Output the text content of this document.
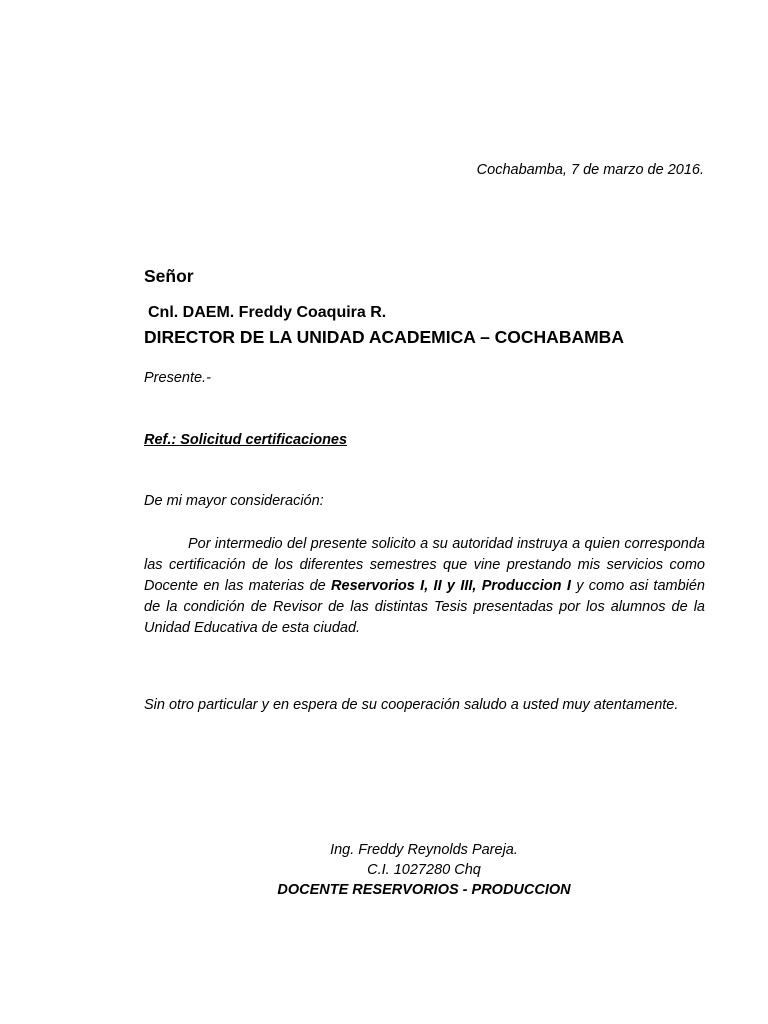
Cochabamba, 7 de marzo de 2016.

Señor

Cnl. DAEM. Freddy Coaquira R.

DIRECTOR DE LA UNIDAD ACADEMICA – COCHABAMBA

Presente.-

Ref.: Solicitud certificaciones

De mi mayor consideración:

Por intermedio del presente solicito a su autoridad instruya a quien corresponda las certificación de los diferentes semestres que vine prestando mis servicios como Docente en las materias de Reservorios I, II y III, Produccion I y como asi también de la condición de Revisor de las distintas Tesis presentadas por los alumnos de la Unidad Educativa de esta ciudad.

Sin otro particular y en espera de su cooperación saludo a usted muy atentamente.

Ing. Freddy Reynolds Pareja.

C.I. 1027280 Chq

DOCENTE RESERVORIOS - PRODUCCION
